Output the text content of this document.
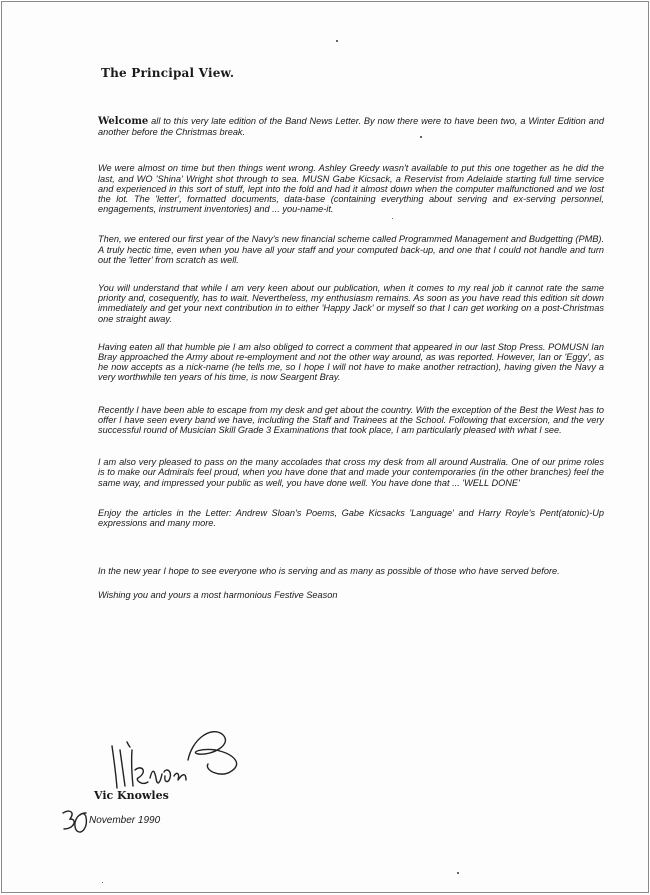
The Principal View.

Welcome all to this very late edition of the Band News Letter. By now there were to have been two, a Winter Edition and another before the Christmas break.

We were almost on time but then things went wrong. Ashley Greedy wasn't available to put this one together as he did the last, and WO 'Shina' Wright shot through to sea. MUSN Gabe Kicsack, a Reservist from Adelaide starting full time service and experienced in this sort of stuff, lept into the fold and had it almost down when the computer malfunctioned and we lost the lot. The 'letter', formatted documents, data-base (containing everything about serving and ex-serving personnel, engagements, instrument inventories) and ... you-name-it.

Then, we entered our first year of the Navy's new financial scheme called Programmed Management and Budgetting (PMB). A truly hectic time, even when you have all your staff and your computed back-up, and one that I could not handle and turn out the 'letter' from scratch as well.

You will understand that while I am very keen about our publication, when it comes to my real job it cannot rate the same priority and, cosequently, has to wait. Nevertheless, my enthusiasm remains. As soon as you have read this edition sit down immediately and get your next contribution in to either 'Happy Jack' or myself so that I can get working on a post-Christmas one straight away.

Having eaten all that humble pie I am also obliged to correct a comment that appeared in our last Stop Press. POMUSN Ian Bray approached the Army about re-employment and not the other way around, as was reported. However, Ian or 'Eggy', as he now accepts as a nick-name (he tells me, so I hope I will not have to make another retraction), having given the Navy a very worthwhile ten years of his time, is now Seargent Bray.

Recently I have been able to escape from my desk and get about the country. With the exception of the Best the West has to offer I have seen every band we have, including the Staff and Trainees at the School. Following that excersion, and the very successful round of Musician Skill Grade 3 Examinations that took place, I am particularly pleased with what I see.

I am also very pleased to pass on the many accolades that cross my desk from all around Australia. One of our prime roles is to make our Admirals feel proud, when you have done that and made your contemporaries (in the other branches) feel the same way, and impressed your public as well, you have done well. You have done that ... 'WELL DONE'

Enjoy the articles in the Letter: Andrew Sloan's Poems, Gabe Kicsacks 'Language' and Harry Royle's Pent(atonic)-Up expressions and many more.

In the new year I hope to see everyone who is serving and as many as possible of those who have served before.

Wishing you and yours a most harmonious Festive Season

Vic Knowles
November 1990
